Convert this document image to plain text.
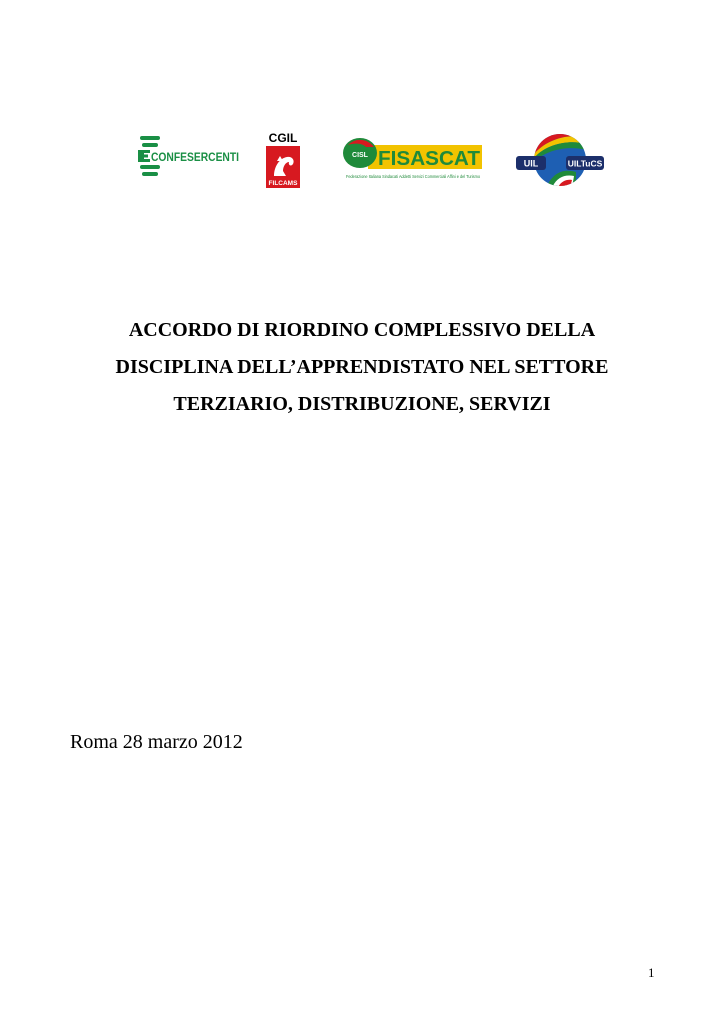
CONFESERCENTI
CGIL
FILCAMS
CISL FISASCAT
Federazione Italiana Sindacati Addetti Servizi Commerciali Affini e del Turismo
UIL	UILTuCS
ACCORDO DI RIORDINO COMPLESSIVO DELLA
DISCIPLINA DELL’APPRENDISTATO NEL SETTORE
TERZIARIO, DISTRIBUZIONE, SERVIZI
Roma 28 marzo 2012
1
